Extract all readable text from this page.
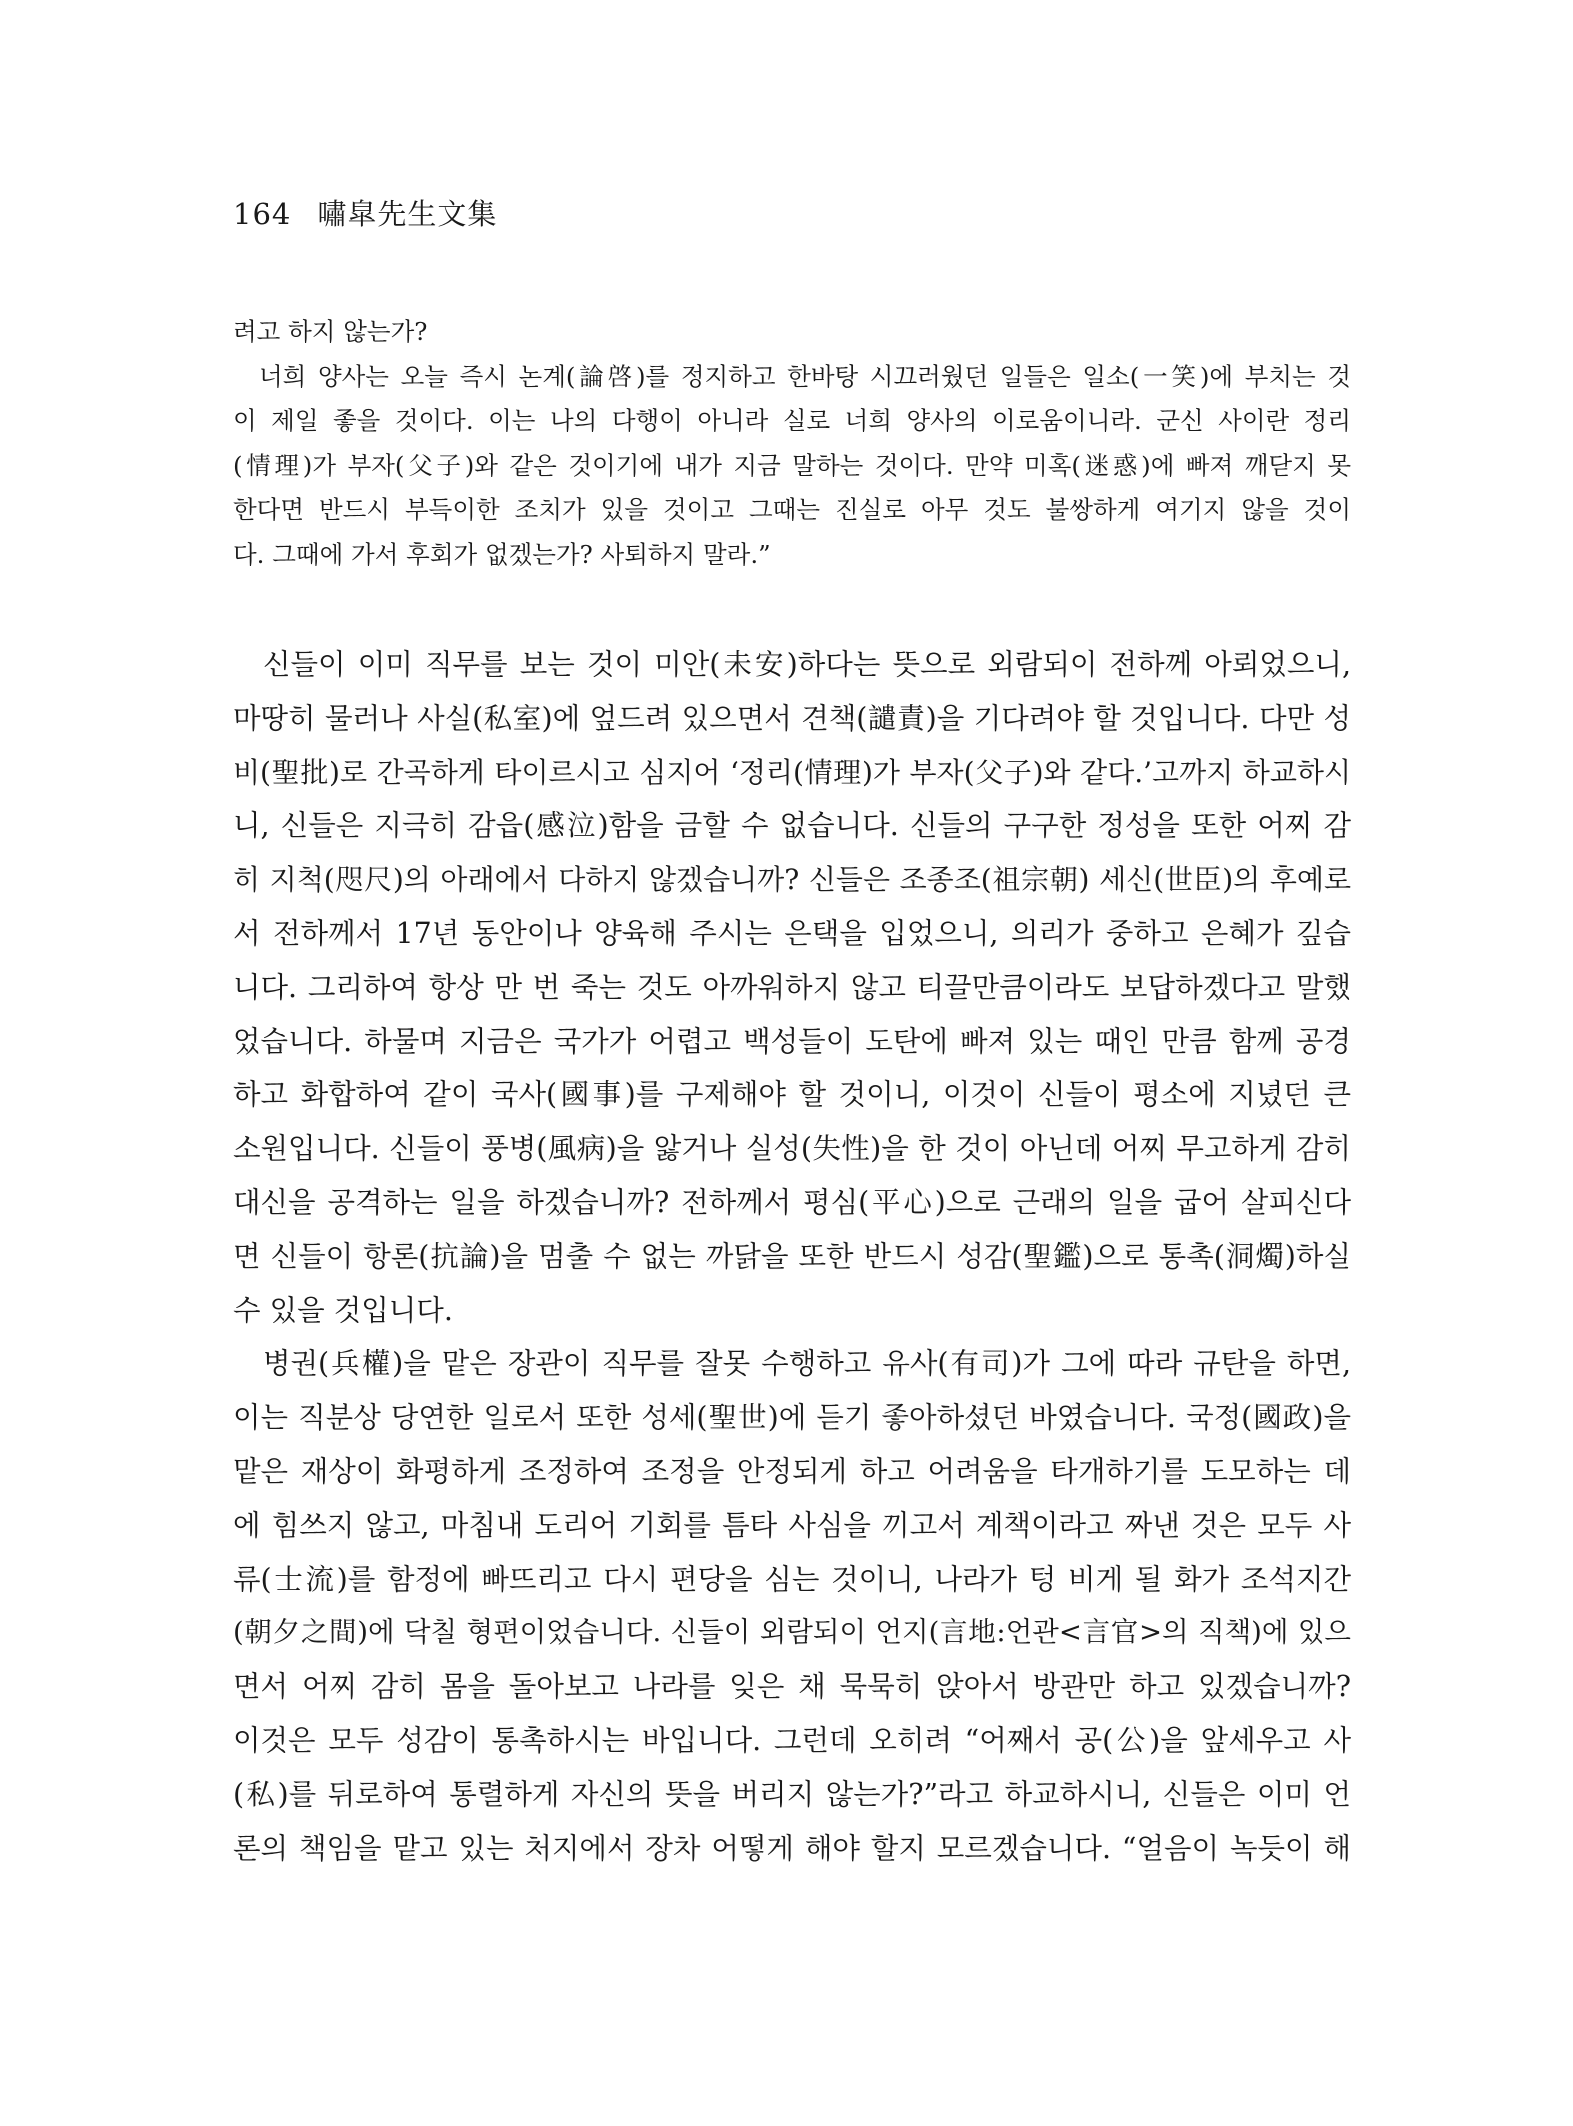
164 嘯皐先生文集
려고 하지 않는가?
너희 양사는 오늘 즉시 논계(論啓)를 정지하고 한바탕 시끄러웠던 일들은 일소(一笑)에 부치는 것
이 제일 좋을 것이다. 이는 나의 다행이 아니라 실로 너희 양사의 이로움이니라. 군신 사이란 정리
(情理)가 부자(父子)와 같은 것이기에 내가 지금 말하는 것이다. 만약 미혹(迷惑)에 빠져 깨닫지 못
한다면 반드시 부득이한 조치가 있을 것이고 그때는 진실로 아무 것도 불쌍하게 여기지 않을 것이
다. 그때에 가서 후회가 없겠는가? 사퇴하지 말라.”
신들이 이미 직무를 보는 것이 미안(未安)하다는 뜻으로 외람되이 전하께 아뢰었으니,
마땅히 물러나 사실(私室)에 엎드려 있으면서 견책(譴責)을 기다려야 할 것입니다. 다만 성
비(聖批)로 간곡하게 타이르시고 심지어 ‘정리(情理)가 부자(父子)와 같다.’고까지 하교하시
니, 신들은 지극히 감읍(感泣)함을 금할 수 없습니다. 신들의 구구한 정성을 또한 어찌 감
히 지척(咫尺)의 아래에서 다하지 않겠습니까? 신들은 조종조(祖宗朝) 세신(世臣)의 후예로
서 전하께서 17년 동안이나 양육해 주시는 은택을 입었으니, 의리가 중하고 은혜가 깊습
니다. 그리하여 항상 만 번 죽는 것도 아까워하지 않고 티끌만큼이라도 보답하겠다고 말했
었습니다. 하물며 지금은 국가가 어렵고 백성들이 도탄에 빠져 있는 때인 만큼 함께 공경
하고 화합하여 같이 국사(國事)를 구제해야 할 것이니, 이것이 신들이 평소에 지녔던 큰
소원입니다. 신들이 풍병(風病)을 앓거나 실성(失性)을 한 것이 아닌데 어찌 무고하게 감히
대신을 공격하는 일을 하겠습니까? 전하께서 평심(平心)으로 근래의 일을 굽어 살피신다
면 신들이 항론(抗論)을 멈출 수 없는 까닭을 또한 반드시 성감(聖鑑)으로 통촉(洞燭)하실
수 있을 것입니다.
병권(兵權)을 맡은 장관이 직무를 잘못 수행하고 유사(有司)가 그에 따라 규탄을 하면,
이는 직분상 당연한 일로서 또한 성세(聖世)에 듣기 좋아하셨던 바였습니다. 국정(國政)을
맡은 재상이 화평하게 조정하여 조정을 안정되게 하고 어려움을 타개하기를 도모하는 데
에 힘쓰지 않고, 마침내 도리어 기회를 틈타 사심을 끼고서 계책이라고 짜낸 것은 모두 사
류(士流)를 함정에 빠뜨리고 다시 편당을 심는 것이니, 나라가 텅 비게 될 화가 조석지간
(朝夕之間)에 닥칠 형편이었습니다. 신들이 외람되이 언지(言地:언관<言官>의 직책)에 있으
면서 어찌 감히 몸을 돌아보고 나라를 잊은 채 묵묵히 앉아서 방관만 하고 있겠습니까?
이것은 모두 성감이 통촉하시는 바입니다. 그런데 오히려 “어째서 공(公)을 앞세우고 사
(私)를 뒤로하여 통렬하게 자신의 뜻을 버리지 않는가?”라고 하교하시니, 신들은 이미 언
론의 책임을 맡고 있는 처지에서 장차 어떻게 해야 할지 모르겠습니다. “얼음이 녹듯이 해
